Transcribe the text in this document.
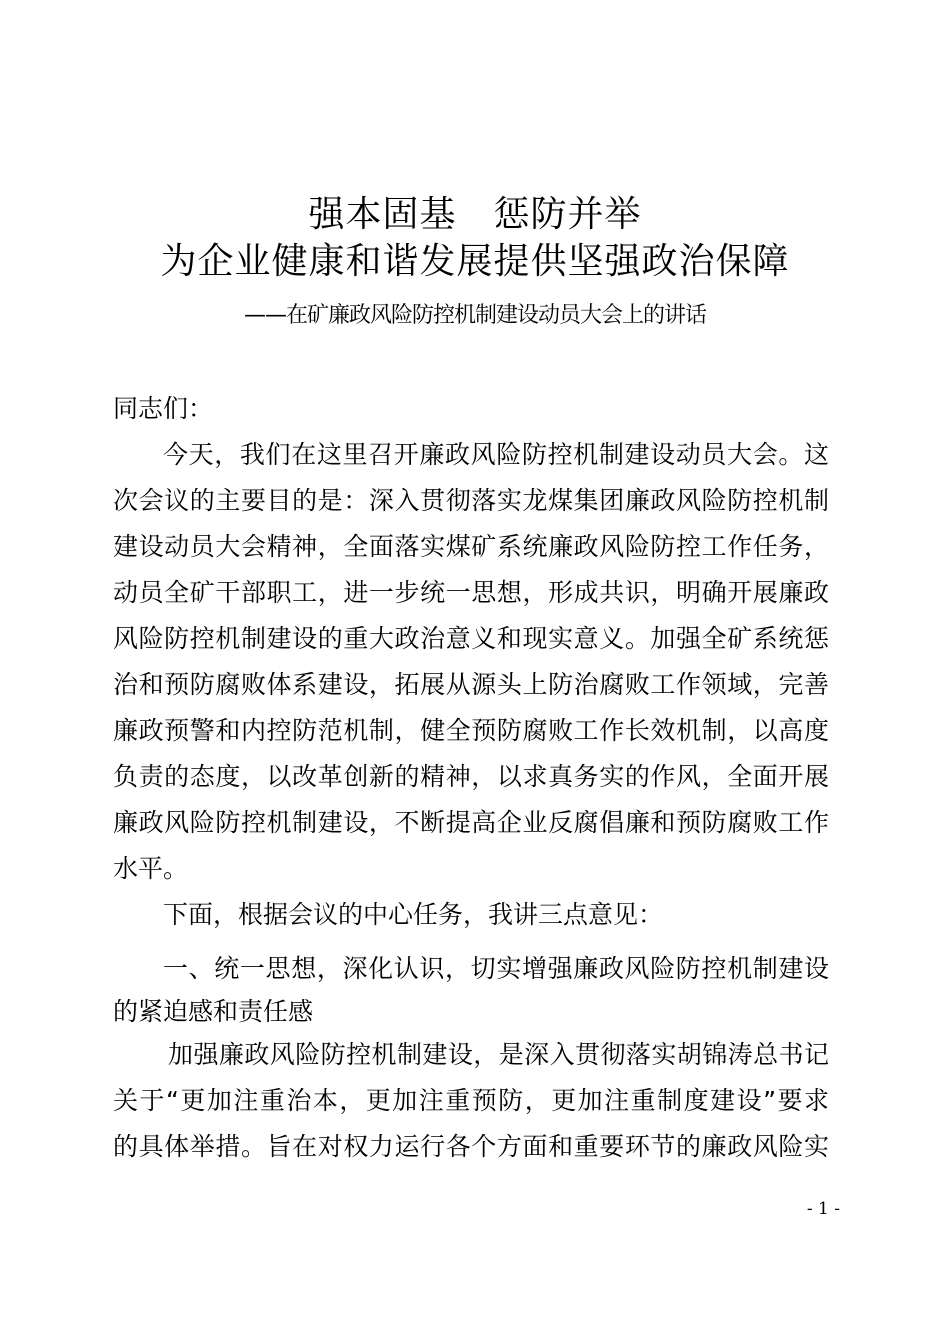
强本固基　惩防并举
为企业健康和谐发展提供坚强政治保障
——在矿廉政风险防控机制建设动员大会上的讲话
同志们：
今天，我们在这里召开廉政风险防控机制建设动员大会。这
次会议的主要目的是：深入贯彻落实龙煤集团廉政风险防控机制
建设动员大会精神，全面落实煤矿系统廉政风险防控工作任务，
动员全矿干部职工，进一步统一思想，形成共识，明确开展廉政
风险防控机制建设的重大政治意义和现实意义。加强全矿系统惩
治和预防腐败体系建设，拓展从源头上防治腐败工作领域，完善
廉政预警和内控防范机制，健全预防腐败工作长效机制，以高度
负责的态度，以改革创新的精神，以求真务实的作风，全面开展
廉政风险防控机制建设，不断提高企业反腐倡廉和预防腐败工作
水平。
下面，根据会议的中心任务，我讲三点意见：
一、统一思想，深化认识，切实增强廉政风险防控机制建设
的紧迫感和责任感
加强廉政风险防控机制建设，是深入贯彻落实胡锦涛总书记
关于“更加注重治本，更加注重预防，更加注重制度建设”要求
的具体举措。旨在对权力运行各个方面和重要环节的廉政风险实
- 1 -
